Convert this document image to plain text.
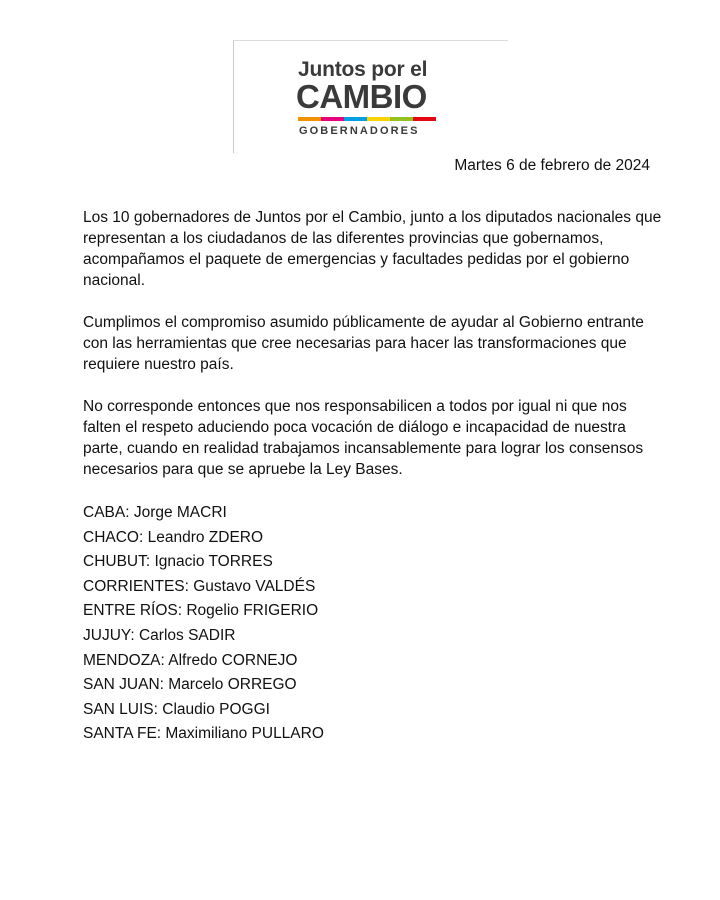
Juntos por el
CAMBIO
GOBERNADORES
Martes 6 de febrero de 2024

Los 10 gobernadores de Juntos por el Cambio, junto a los diputados nacionales que representan a los ciudadanos de las diferentes provincias que gobernamos, acompañamos el paquete de emergencias y facultades pedidas por el gobierno nacional.

Cumplimos el compromiso asumido públicamente de ayudar al Gobierno entrante con las herramientas que cree necesarias para hacer las transformaciones que requiere nuestro país.

No corresponde entonces que nos responsabilicen a todos por igual ni que nos falten el respeto aduciendo poca vocación de diálogo e incapacidad de nuestra parte, cuando en realidad trabajamos incansablemente para lograr los consensos necesarios para que se apruebe la Ley Bases.

CABA: Jorge MACRI
CHACO: Leandro ZDERO
CHUBUT: Ignacio TORRES
CORRIENTES: Gustavo VALDÉS
ENTRE RÍOS: Rogelio FRIGERIO
JUJUY: Carlos SADIR
MENDOZA: Alfredo CORNEJO
SAN JUAN: Marcelo ORREGO
SAN LUIS: Claudio POGGI
SANTA FE: Maximiliano PULLARO
